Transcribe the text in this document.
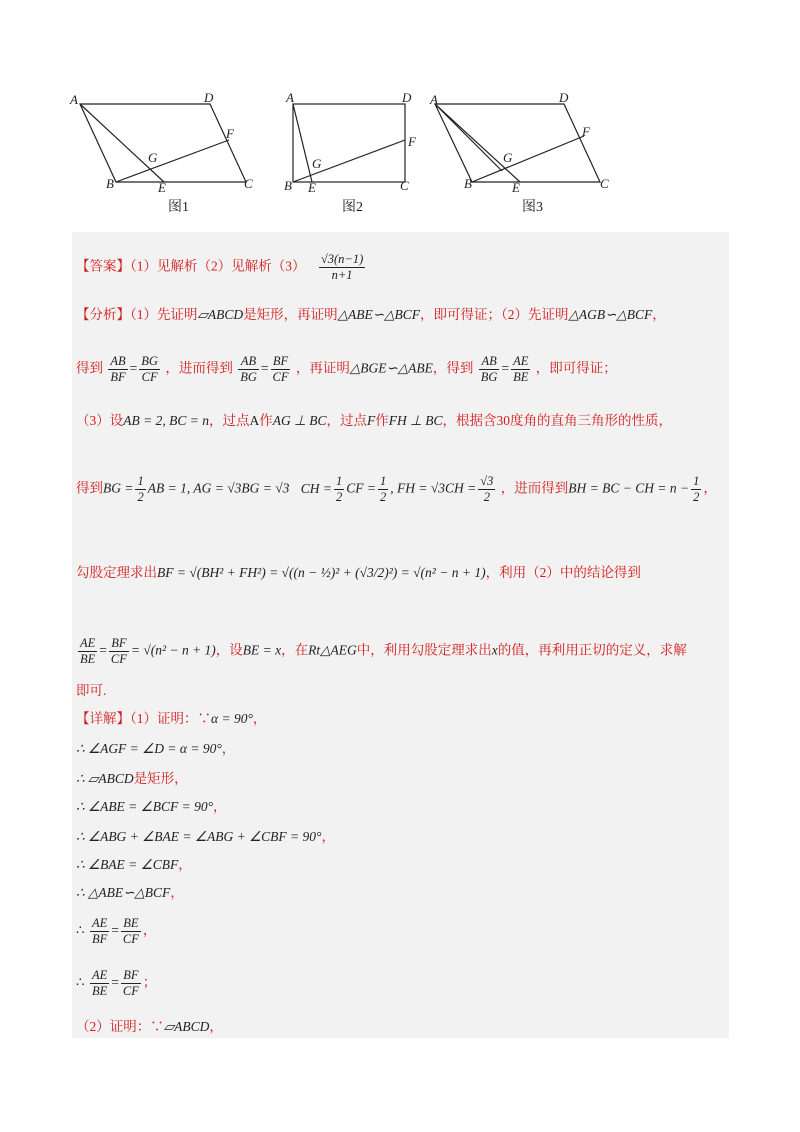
A	D
F
G
B	E	C
A	D
F
G
B E	C
A	D
F
G
B	E	C
图1	图2	图3
【答案】（1）见解析（2）见解析$(3) \frac{√3(n-1)}{n+1}$
【分析】（1）先证明▱ABCD是矩形，再证明△ABE∽△BCF，即可得证；（2）先证明△AGB∽△BCF，
得到 $\frac{AB}{BF} = \frac{BG}{CF}$ ，进而得到 $\frac{AB}{BG} = \frac{BF}{CF}$ ，再证明△BGE∽△ABE，得到 $\frac{AB}{BG} = \frac{AE}{BE}$ ，即可得证；
（3）设AB = 2, BC = n，过点A作AG ⊥ BC，过点F作FH ⊥ BC，根据含30度角的直角三角形的性质，
得到BG = $\frac{1}{2}$ AB = 1, AG = √3BG = √3 CH = $\frac{1}{2}$ CF = $\frac{1}{2}$ , FH = $√3CH = \frac{√3}{2}$ ，进而得到BH = BC − CH = $n - \frac{1}{2}$ ，
勾股定理求出BF = √(BH² + FH²) = √((n − ½)² + (√3/2)²) = √(n² − n + 1)，利用（2）中的结论得到
$\frac{AE}{BE} = \frac{BF}{CF} = √(n^2 - n + 1)$，设BE = x，在Rt△AEG中，利用勾股定理求出x的值，再利用正切的定义，求解
即可.
【详解】（1）证明：∵α = 90°，
∴ ∠AGF = ∠D = α = 90°，
∴ ▱ABCD是矩形，
∴ ∠ABE = ∠BCF = 90°，
∴ ∠ABG + ∠BAE = ∠ABG + ∠CBF = 90°，
∴ ∠BAE = ∠CBF，
∴ △ABE∽△BCF，
∴ $\frac{AE}{BF} = \frac{BE}{CF}$ ，
∴ $\frac{AE}{BE} = \frac{BF}{CF}$ ；
（2）证明：∵▱ABCD，
